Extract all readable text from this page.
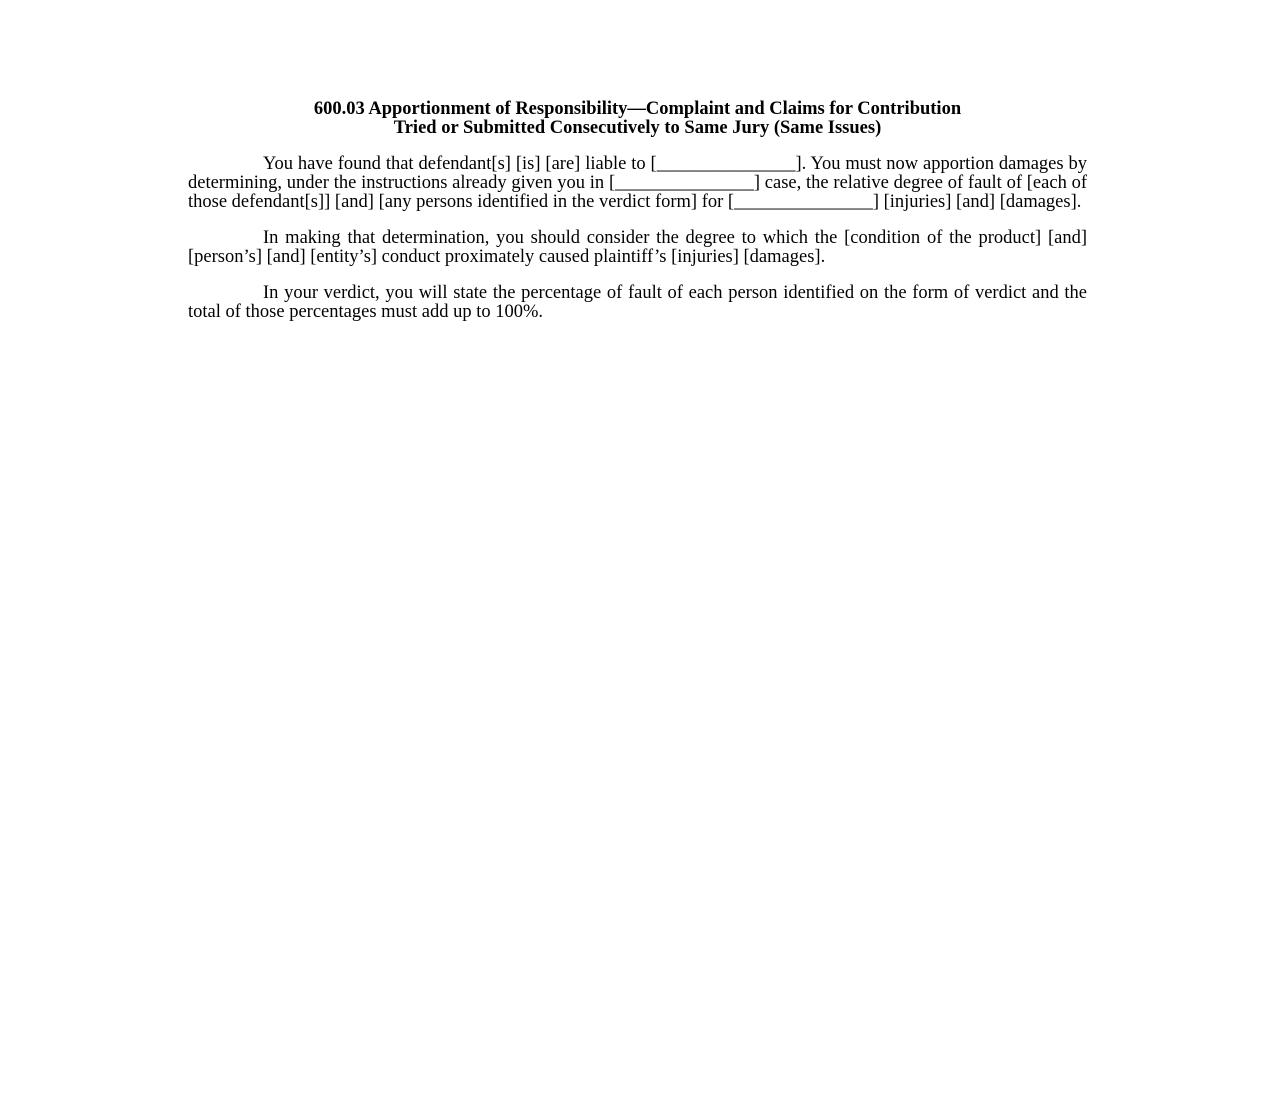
600.03 Apportionment of Responsibility—Complaint and Claims for Contribution
Tried or Submitted Consecutively to Same Jury (Same Issues)

You have found that defendant[s] [is] [are] liable to [_______________]. You must now apportion damages by determining, under the instructions already given you in [_______________] case, the relative degree of fault of [each of those defendant[s]] [and] [any persons identified in the verdict form] for [_______________] [injuries] [and] [damages].

In making that determination, you should consider the degree to which the [condition of the product] [and] [person’s] [and] [entity’s] conduct proximately caused plaintiff’s [injuries] [damages].

In your verdict, you will state the percentage of fault of each person identified on the form of verdict and the total of those percentages must add up to 100%.
